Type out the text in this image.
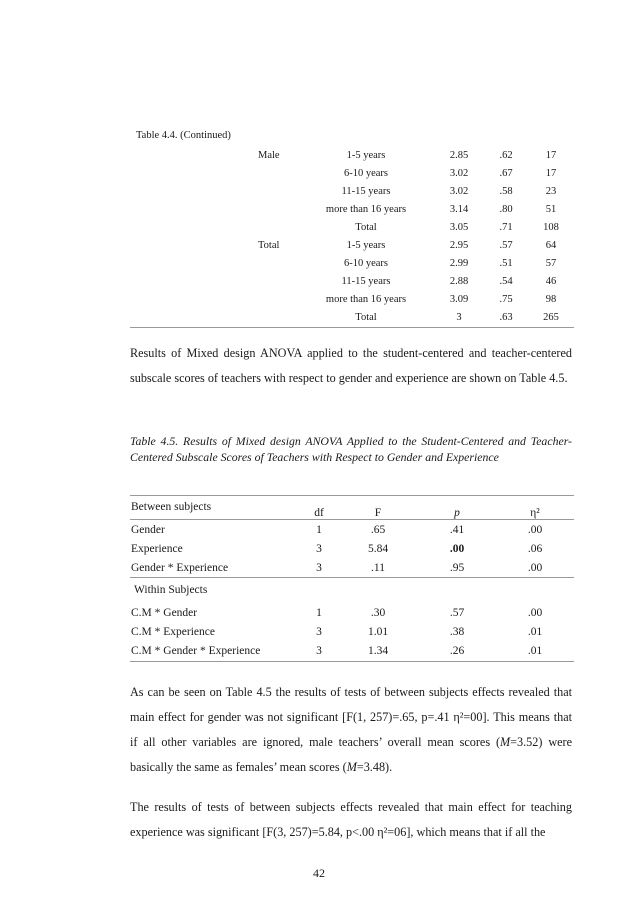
Table 4.4. (Continued)
	Male	1-5 years	2.85	.62	17
		6-10 years	3.02	.67	17
		11-15 years	3.02	.58	23
		more than 16 years	3.14	.80	51
		Total	3.05	.71	108
	Total	1-5 years	2.95	.57	64
		6-10 years	2.99	.51	57
		11-15 years	2.88	.54	46
		more than 16 years	3.09	.75	98
		Total	3	.63	265
Results of Mixed design ANOVA applied to the student-centered and teacher-centered subscale scores of teachers with respect to gender and experience are shown on Table 4.5.
Table 4.5. Results of Mixed design ANOVA Applied to the Student-Centered and Teacher-Centered Subscale Scores of Teachers with Respect to Gender and Experience
Between subjects	df	F	p	η²
Gender	1	.65	.41	.00
Experience	3	5.84	.00	.06
Gender * Experience	3	.11	.95	.00
Within Subjects
C.M * Gender	1	.30	.57	.00
C.M * Experience	3	1.01	.38	.01
C.M * Gender * Experience	3	1.34	.26	.01
As can be seen on Table 4.5 the results of tests of between subjects effects revealed that main effect for gender was not significant [F(1, 257)=.65, p=.41 η²=00]. This means that if all other variables are ignored, male teachers’ overall mean scores (M=3.52) were basically the same as females’ mean scores (M=3.48).
The results of tests of between subjects effects revealed that main effect for teaching experience was significant [F(3, 257)=5.84, p<.00 η²=06], which means that if all the
42
